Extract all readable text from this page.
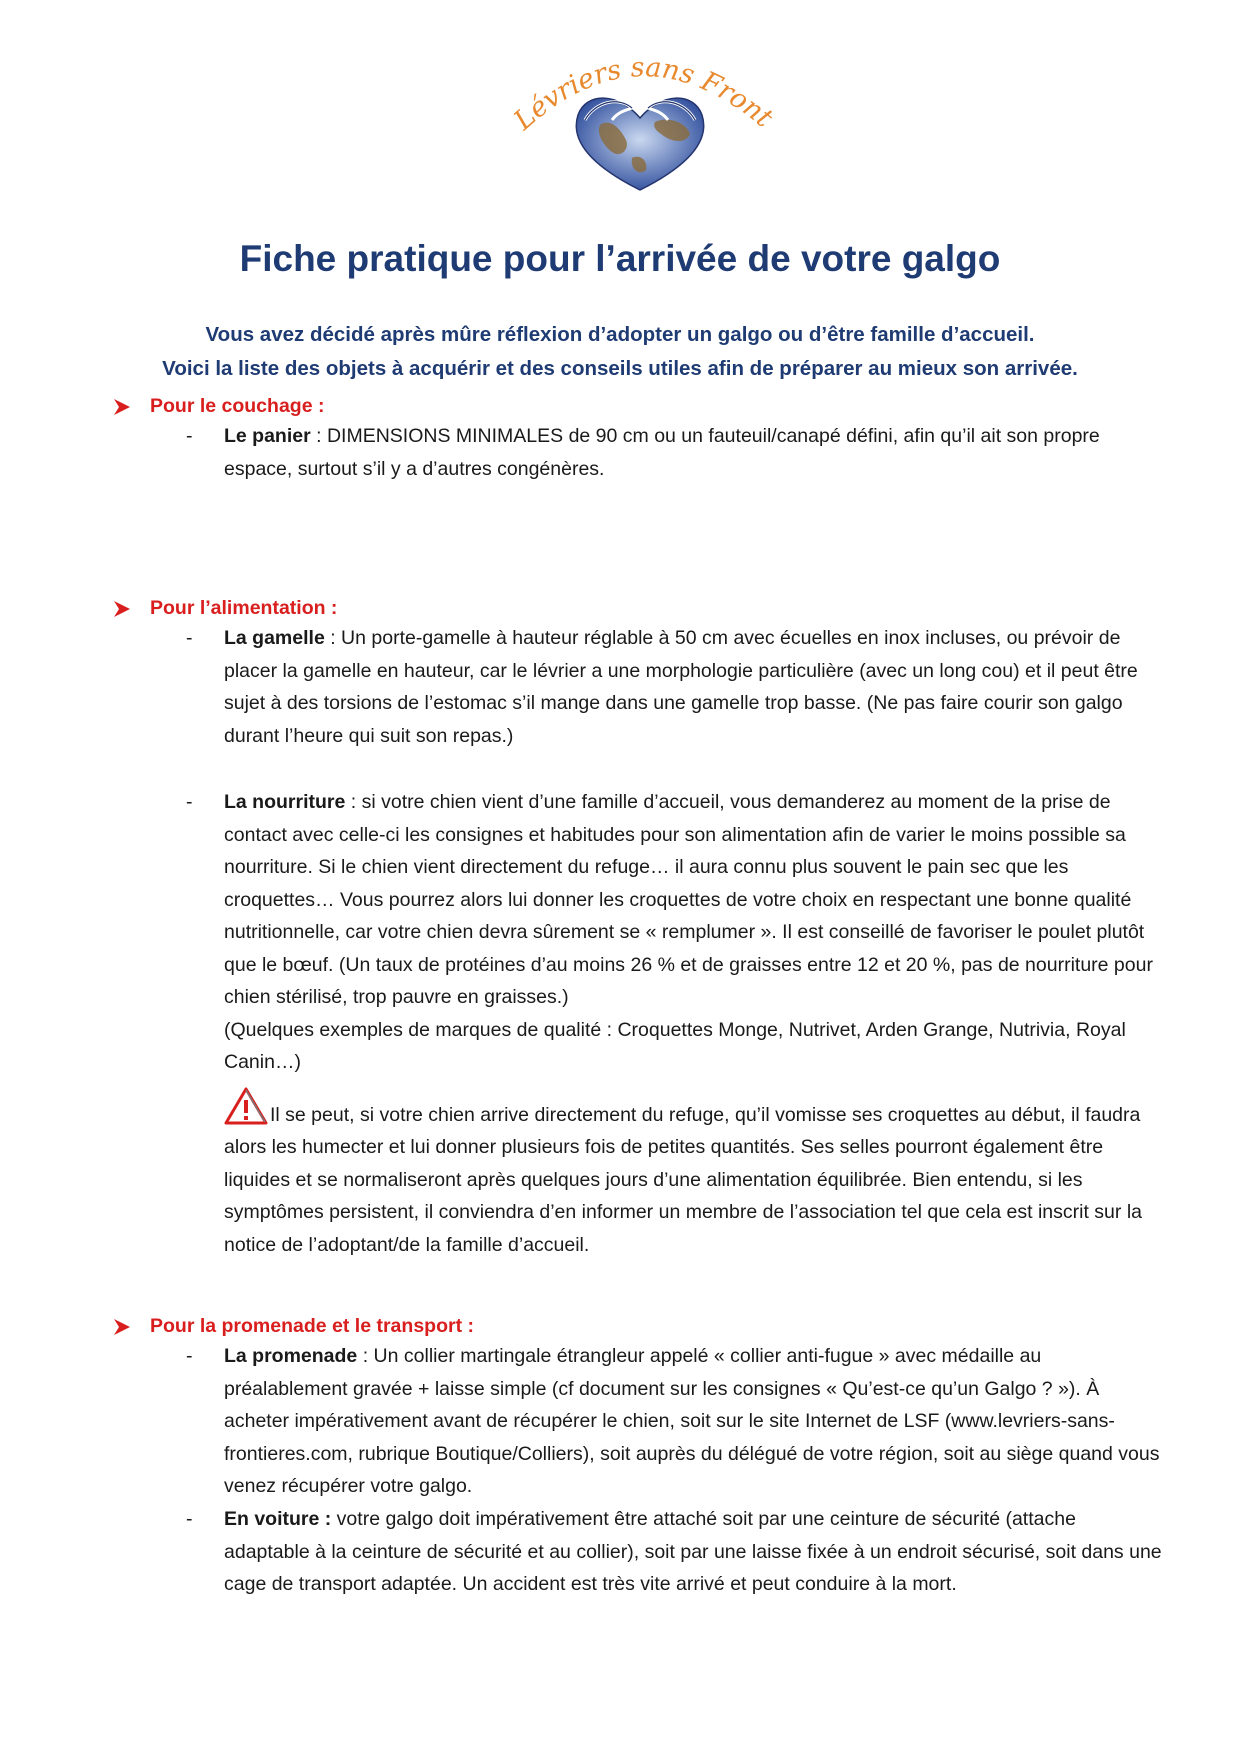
Lévriers sans Front
Fiche pratique pour l’arrivée de votre galgo
Vous avez décidé après mûre réflexion d’adopter un galgo ou d’être famille d’accueil.
Voici la liste des objets à acquérir et des conseils utiles afin de préparer au mieux son arrivée.
Pour le couchage :
- Le panier : DIMENSIONS MINIMALES de 90 cm ou un fauteuil/canapé défini, afin qu’il ait son propre espace, surtout s’il y a d’autres congénères.
Pour l’alimentation :
- La gamelle : Un porte-gamelle à hauteur réglable à 50 cm avec écuelles en inox incluses, ou prévoir de placer la gamelle en hauteur, car le lévrier a une morphologie particulière (avec un long cou) et il peut être sujet à des torsions de l’estomac s’il mange dans une gamelle trop basse. (Ne pas faire courir son galgo durant l’heure qui suit son repas.)
- La nourriture : si votre chien vient d’une famille d’accueil, vous demanderez au moment de la prise de contact avec celle-ci les consignes et habitudes pour son alimentation afin de varier le moins possible sa nourriture. Si le chien vient directement du refuge… il aura connu plus souvent le pain sec que les croquettes… Vous pourrez alors lui donner les croquettes de votre choix en respectant une bonne qualité nutritionnelle, car votre chien devra sûrement se « remplumer ». Il est conseillé de favoriser le poulet plutôt que le bœuf. (Un taux de protéines d’au moins 26 % et de graisses entre 12 et 20 %, pas de nourriture pour chien stérilisé, trop pauvre en graisses.)
(Quelques exemples de marques de qualité : Croquettes Monge, Nutrivet, Arden Grange, Nutrivia, Royal Canin…)
Il se peut, si votre chien arrive directement du refuge, qu’il vomisse ses croquettes au début, il faudra alors les humecter et lui donner plusieurs fois de petites quantités. Ses selles pourront également être liquides et se normaliseront après quelques jours d’une alimentation équilibrée. Bien entendu, si les symptômes persistent, il conviendra d’en informer un membre de l’association tel que cela est inscrit sur la notice de l’adoptant/de la famille d’accueil.
Pour la promenade et le transport :
- La promenade : Un collier martingale étrangleur appelé « collier anti-fugue » avec médaille au préalablement gravée + laisse simple (cf document sur les consignes « Qu’est-ce qu’un Galgo ? »). À acheter impérativement avant de récupérer le chien, soit sur le site Internet de LSF (www.levriers-sans-frontieres.com, rubrique Boutique/Colliers), soit auprès du délégué de votre région, soit au siège quand vous venez récupérer votre galgo.
- En voiture : votre galgo doit impérativement être attaché soit par une ceinture de sécurité (attache adaptable à la ceinture de sécurité et au collier), soit par une laisse fixée à un endroit sécurisé, soit dans une cage de transport adaptée. Un accident est très vite arrivé et peut conduire à la mort.
